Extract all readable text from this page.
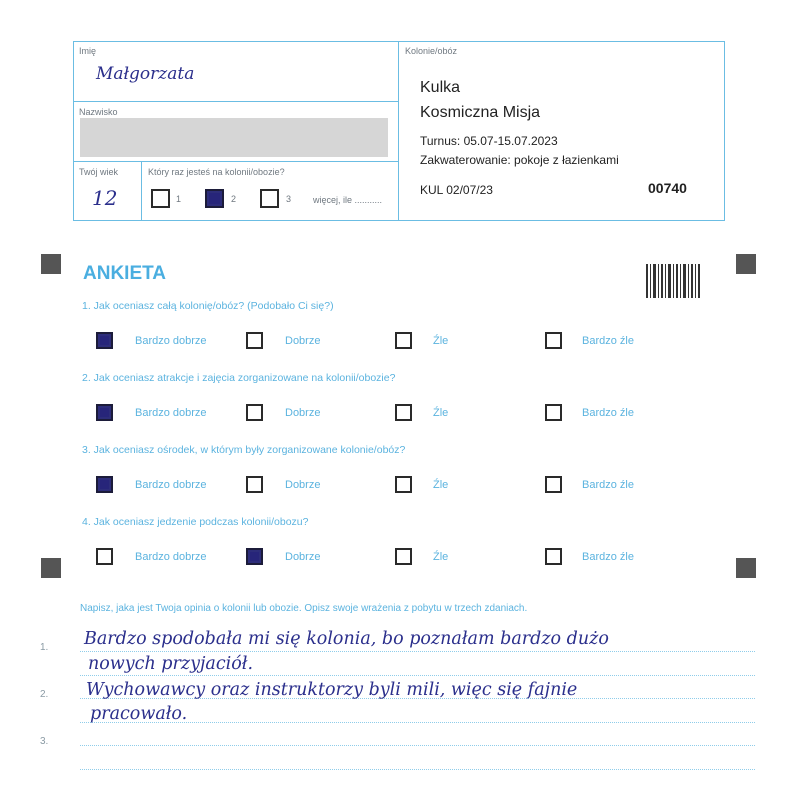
Imię
Małgorzata
Nazwisko
Twój wiek
12
Który raz jesteś na kolonii/obozie?
1	2	3 więcej, ile ...........
Kolonie/obóz
Kulka
Kosmiczna Misja
Turnus: 05.07-15.07.2023
Zakwaterowanie: pokoje z łazienkami
KUL 02/07/23	00740
ANKIETA
1. Jak oceniasz całą kolonię/obóz? (Podobało Ci się?)
Bardzo dobrze	Dobrze	Źle	Bardzo źle
2. Jak oceniasz atrakcje i zajęcia zorganizowane na kolonii/obozie?
Bardzo dobrze	Dobrze	Źle	Bardzo źle
3. Jak oceniasz ośrodek, w którym były zorganizowane kolonie/obóz?
Bardzo dobrze	Dobrze	Źle	Bardzo źle
4. Jak oceniasz jedzenie podczas kolonii/obozu?
Bardzo dobrze	Dobrze	Źle	Bardzo źle
Napisz, jaka jest Twoja opinia o kolonii lub obozie. Opisz swoje wrażenia z pobytu w trzech zdaniach.
1.
2.
3.
Bardzo spodobała mi się kolonia, bo poznałam bardzo dużo
nowych przyjaciół.
Wychowawcy oraz instruktorzy byli mili, więc się fajnie
pracowało.
